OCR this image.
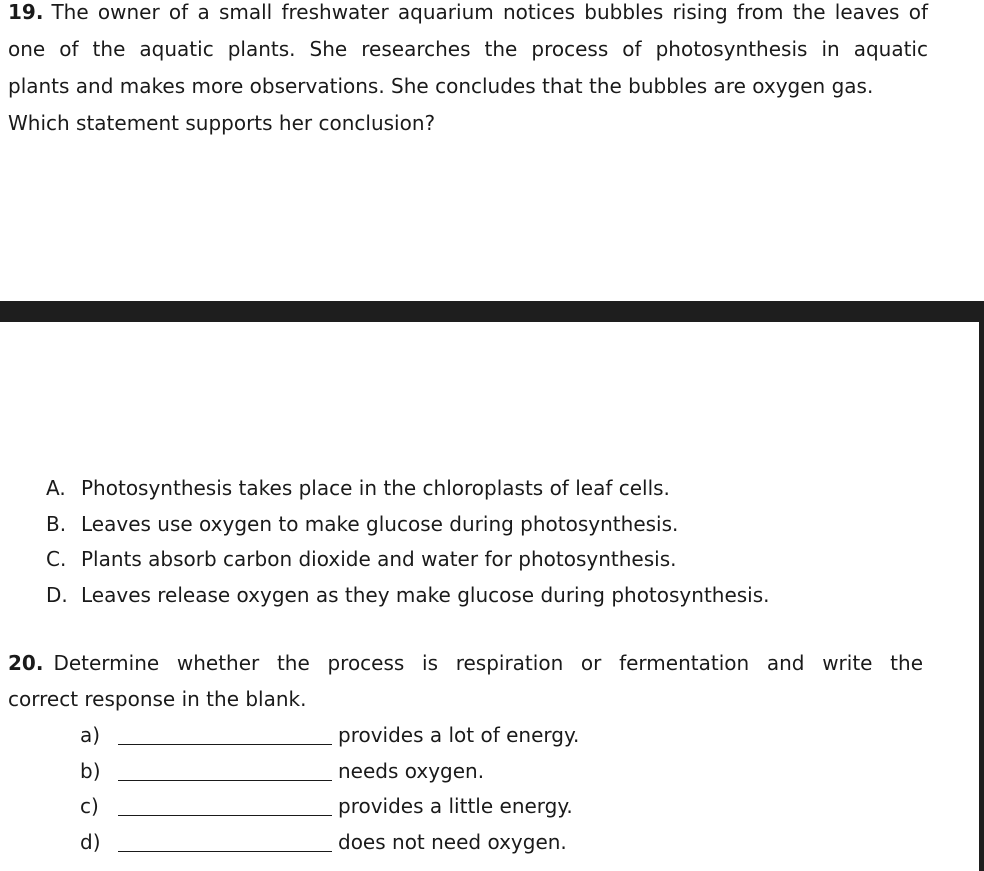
19. The owner of a small freshwater aquarium notices bubbles rising from the leaves of
one of the aquatic plants. She researches the process of photosynthesis in aquatic
plants and makes more observations. She concludes that the bubbles are oxygen gas.
Which statement supports her conclusion?
A. Photosynthesis takes place in the chloroplasts of leaf cells.
B. Leaves use oxygen to make glucose during photosynthesis.
C. Plants absorb carbon dioxide and water for photosynthesis.
D. Leaves release oxygen as they make glucose during photosynthesis.
20. Determine whether the process is respiration or fermentation and write the
correct response in the blank.
a)	provides a lot of energy.
b)	needs oxygen.
c)	provides a little energy.
d)	does not need oxygen.
